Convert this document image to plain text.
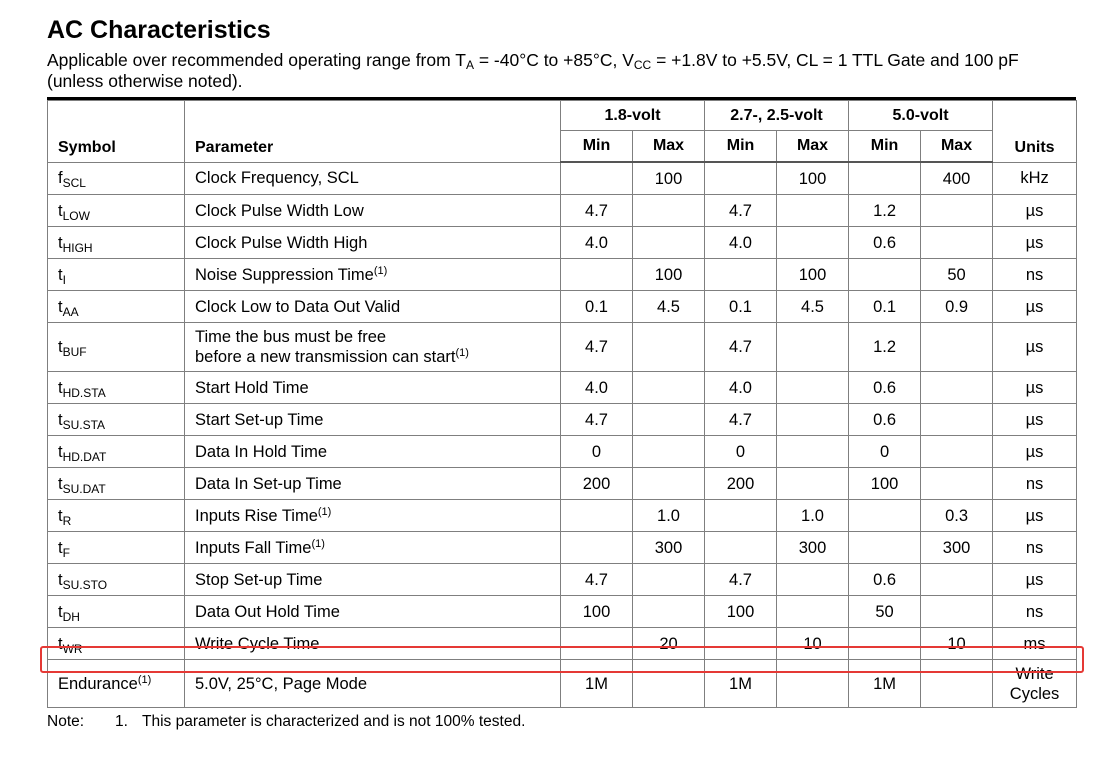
AC Characteristics

Applicable over recommended operating range from $T_A = -40^\circ C$ to +85°C, $V_{CC} = +1.8V$ to +5.5V, CL = 1 TTL Gate and 100 pF (unless otherwise noted).

Symbol	Parameter	1.8-volt		2.7-, 2.5-volt		5.0-volt		Units
		Min	Max	Min	Max	Min	Max	
$f_{SCL}$	Clock Frequency, SCL		100		100		400	kHz
$t_{LOW}$	Clock Pulse Width Low	4.7		4.7		1.2		µs
$t_{HIGH}$	Clock Pulse Width High	4.0		4.0		0.6		µs
$t_I$	Noise Suppression Time$^{(1)}$		100		100		50	ns
$t_{AA}$	Clock Low to Data Out Valid	0.1	4.5	0.1	4.5	0.1	0.9	µs
$t_{BUF}$	Time the bus must be free
before a new transmission can start$^{(1)}$	4.7		4.7		1.2		µs
$t_{HD.STA}$	Start Hold Time	4.0		4.0		0.6		µs
$t_{SU.STA}$	Start Set-up Time	4.7		4.7		0.6		µs
$t_{HD.DAT}$	Data In Hold Time	0		0		0		µs
$t_{SU.DAT}$	Data In Set-up Time	200		200		100		ns
$t_R$	Inputs Rise Time$^{(1)}$		1.0		1.0		0.3	µs
$t_F$	Inputs Fall Time$^{(1)}$		300		300		300	ns
$t_{SU.STO}$	Stop Set-up Time	4.7		4.7		0.6		µs
$t_{DH}$	Data Out Hold Time	100		100		50		ns
$t_{WR}$	Write Cycle Time		20		10		10	ms
Endurance$^{(1)}$	5.0V, 25°C, Page Mode	1M		1M		1M		Write
Cycles
Note:	1. This parameter is characterized and is not 100% tested.
